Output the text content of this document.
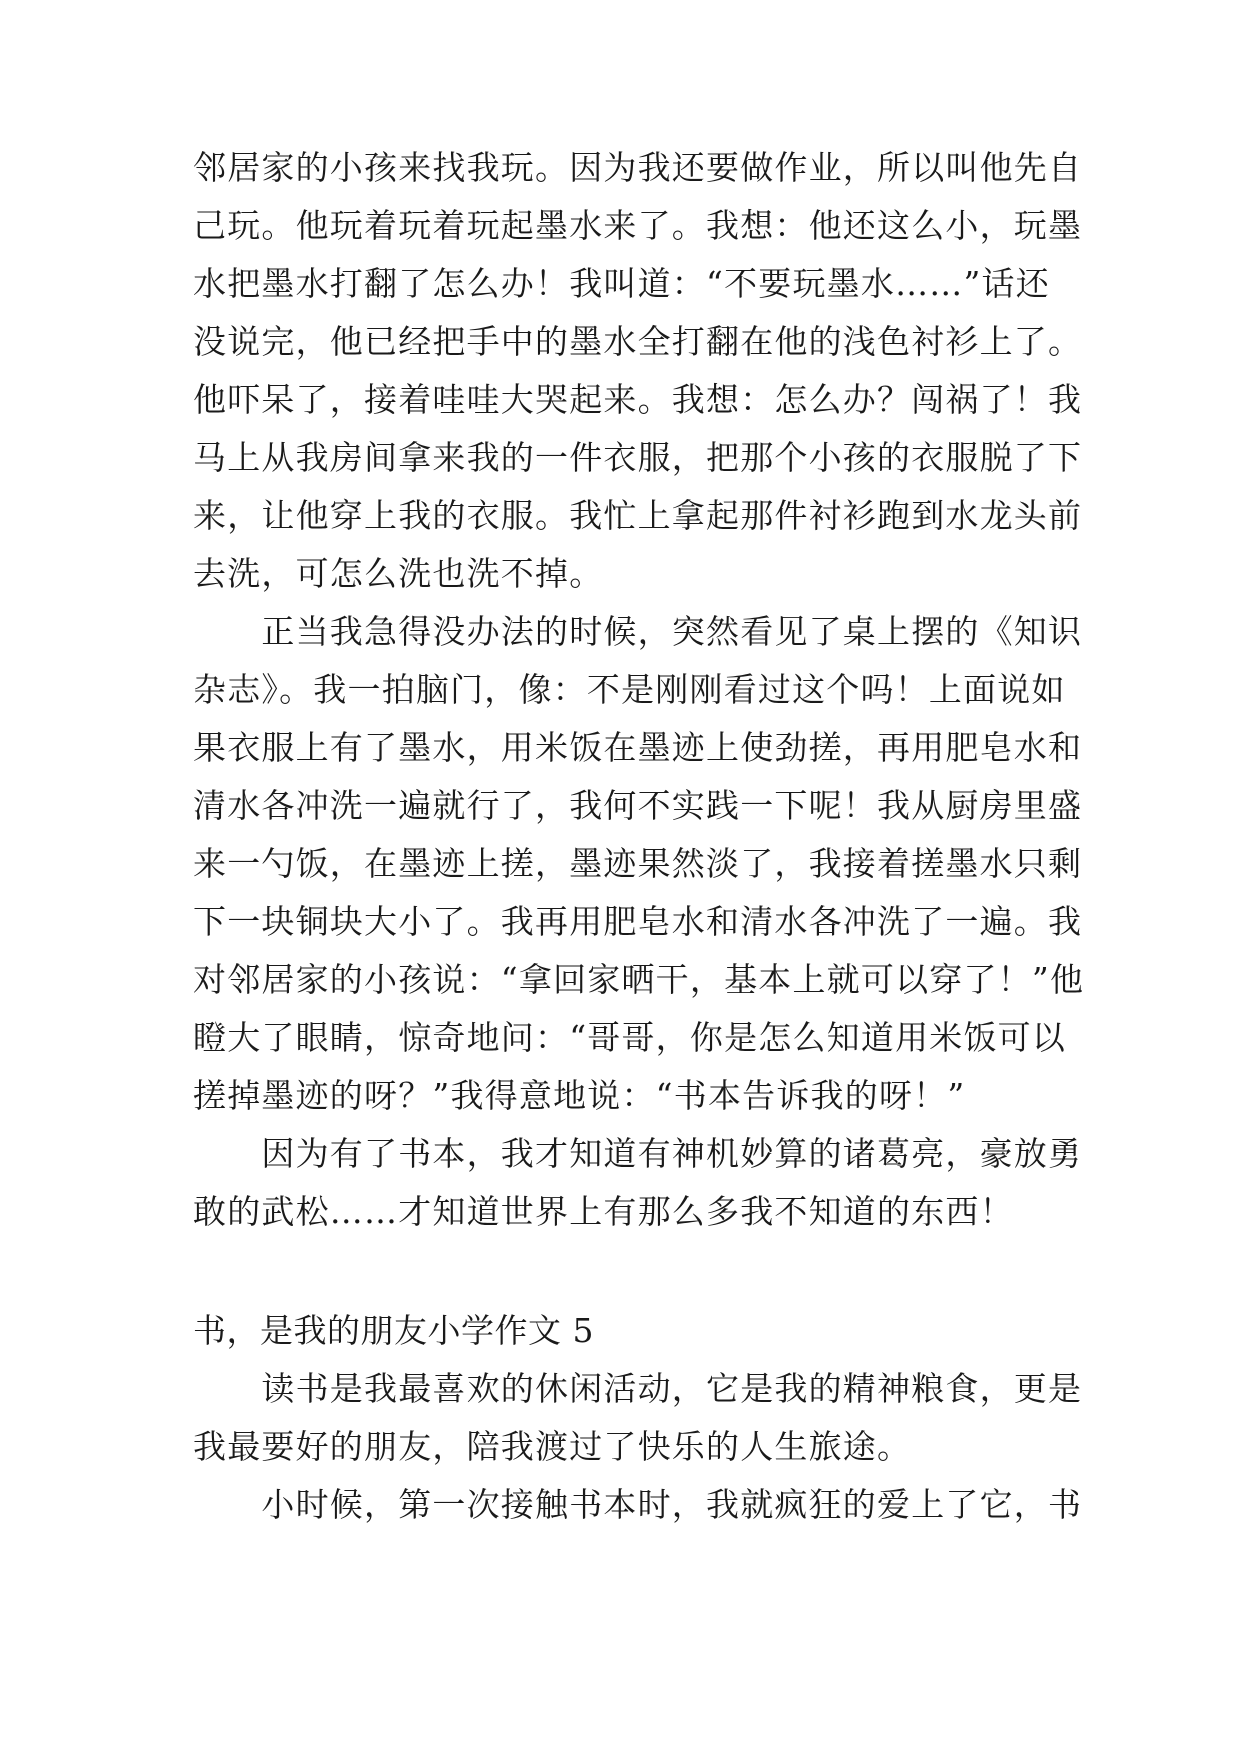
邻居家的小孩来找我玩。因为我还要做作业，所以叫他先自
己玩。他玩着玩着玩起墨水来了。我想：他还这么小，玩墨
水把墨水打翻了怎么办！我叫道：“不要玩墨水……”话还
没说完，他已经把手中的墨水全打翻在他的浅色衬衫上了。
他吓呆了，接着哇哇大哭起来。我想：怎么办？闯祸了！我
马上从我房间拿来我的一件衣服，把那个小孩的衣服脱了下
来，让他穿上我的衣服。我忙上拿起那件衬衫跑到水龙头前
去洗，可怎么洗也洗不掉。
　　正当我急得没办法的时候，突然看见了桌上摆的《知识
杂志》。我一拍脑门，像：不是刚刚看过这个吗！上面说如
果衣服上有了墨水，用米饭在墨迹上使劲搓，再用肥皂水和
清水各冲洗一遍就行了，我何不实践一下呢！我从厨房里盛
来一勺饭，在墨迹上搓，墨迹果然淡了，我接着搓墨水只剩
下一块铜块大小了。我再用肥皂水和清水各冲洗了一遍。我
对邻居家的小孩说：“拿回家晒干，基本上就可以穿了！”他
瞪大了眼睛，惊奇地问：“哥哥，你是怎么知道用米饭可以
搓掉墨迹的呀？”我得意地说：“书本告诉我的呀！”
　　因为有了书本，我才知道有神机妙算的诸葛亮，豪放勇
敢的武松……才知道世界上有那么多我不知道的东西！
书，是我的朋友小学作文 5
　　读书是我最喜欢的休闲活动，它是我的精神粮食，更是
我最要好的朋友，陪我渡过了快乐的人生旅途。
　　小时候，第一次接触书本时，我就疯狂的爱上了它，书
